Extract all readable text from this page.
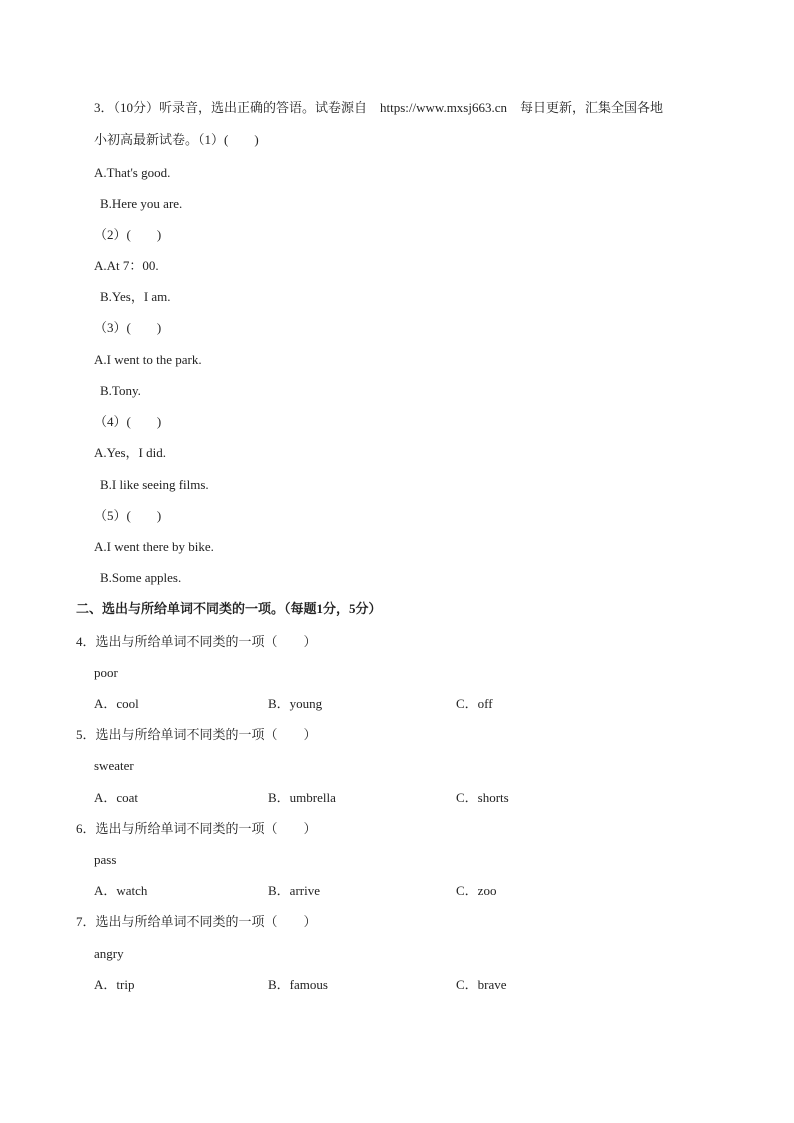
3．（10分）听录音，选出正确的答语。试卷源自　https://www.mxsj663.cn　每日更新，汇集全国各地
小初高最新试卷。（1）(　　)
A.That's good.
B.Here you are.
（2）(　　)
A.At 7：00.
B.Yes，I am.
（3）(　　)
A.I went to the park.
B.Tony.
（4）(　　)
A.Yes，I did.
B.I like seeing films.
（5）(　　)
A.I went there by bike.
B.Some apples.
二、选出与所给单词不同类的一项。（每题1分，5分）
4．选出与所给单词不同类的一项（　　）
poor
A．cool	B．young	C．off
5．选出与所给单词不同类的一项（　　）
sweater
A．coat	B．umbrella	C．shorts
6．选出与所给单词不同类的一项（　　）
pass
A．watch	B．arrive	C．zoo
7．选出与所给单词不同类的一项（　　）
angry
A．trip	B．famous	C．brave
